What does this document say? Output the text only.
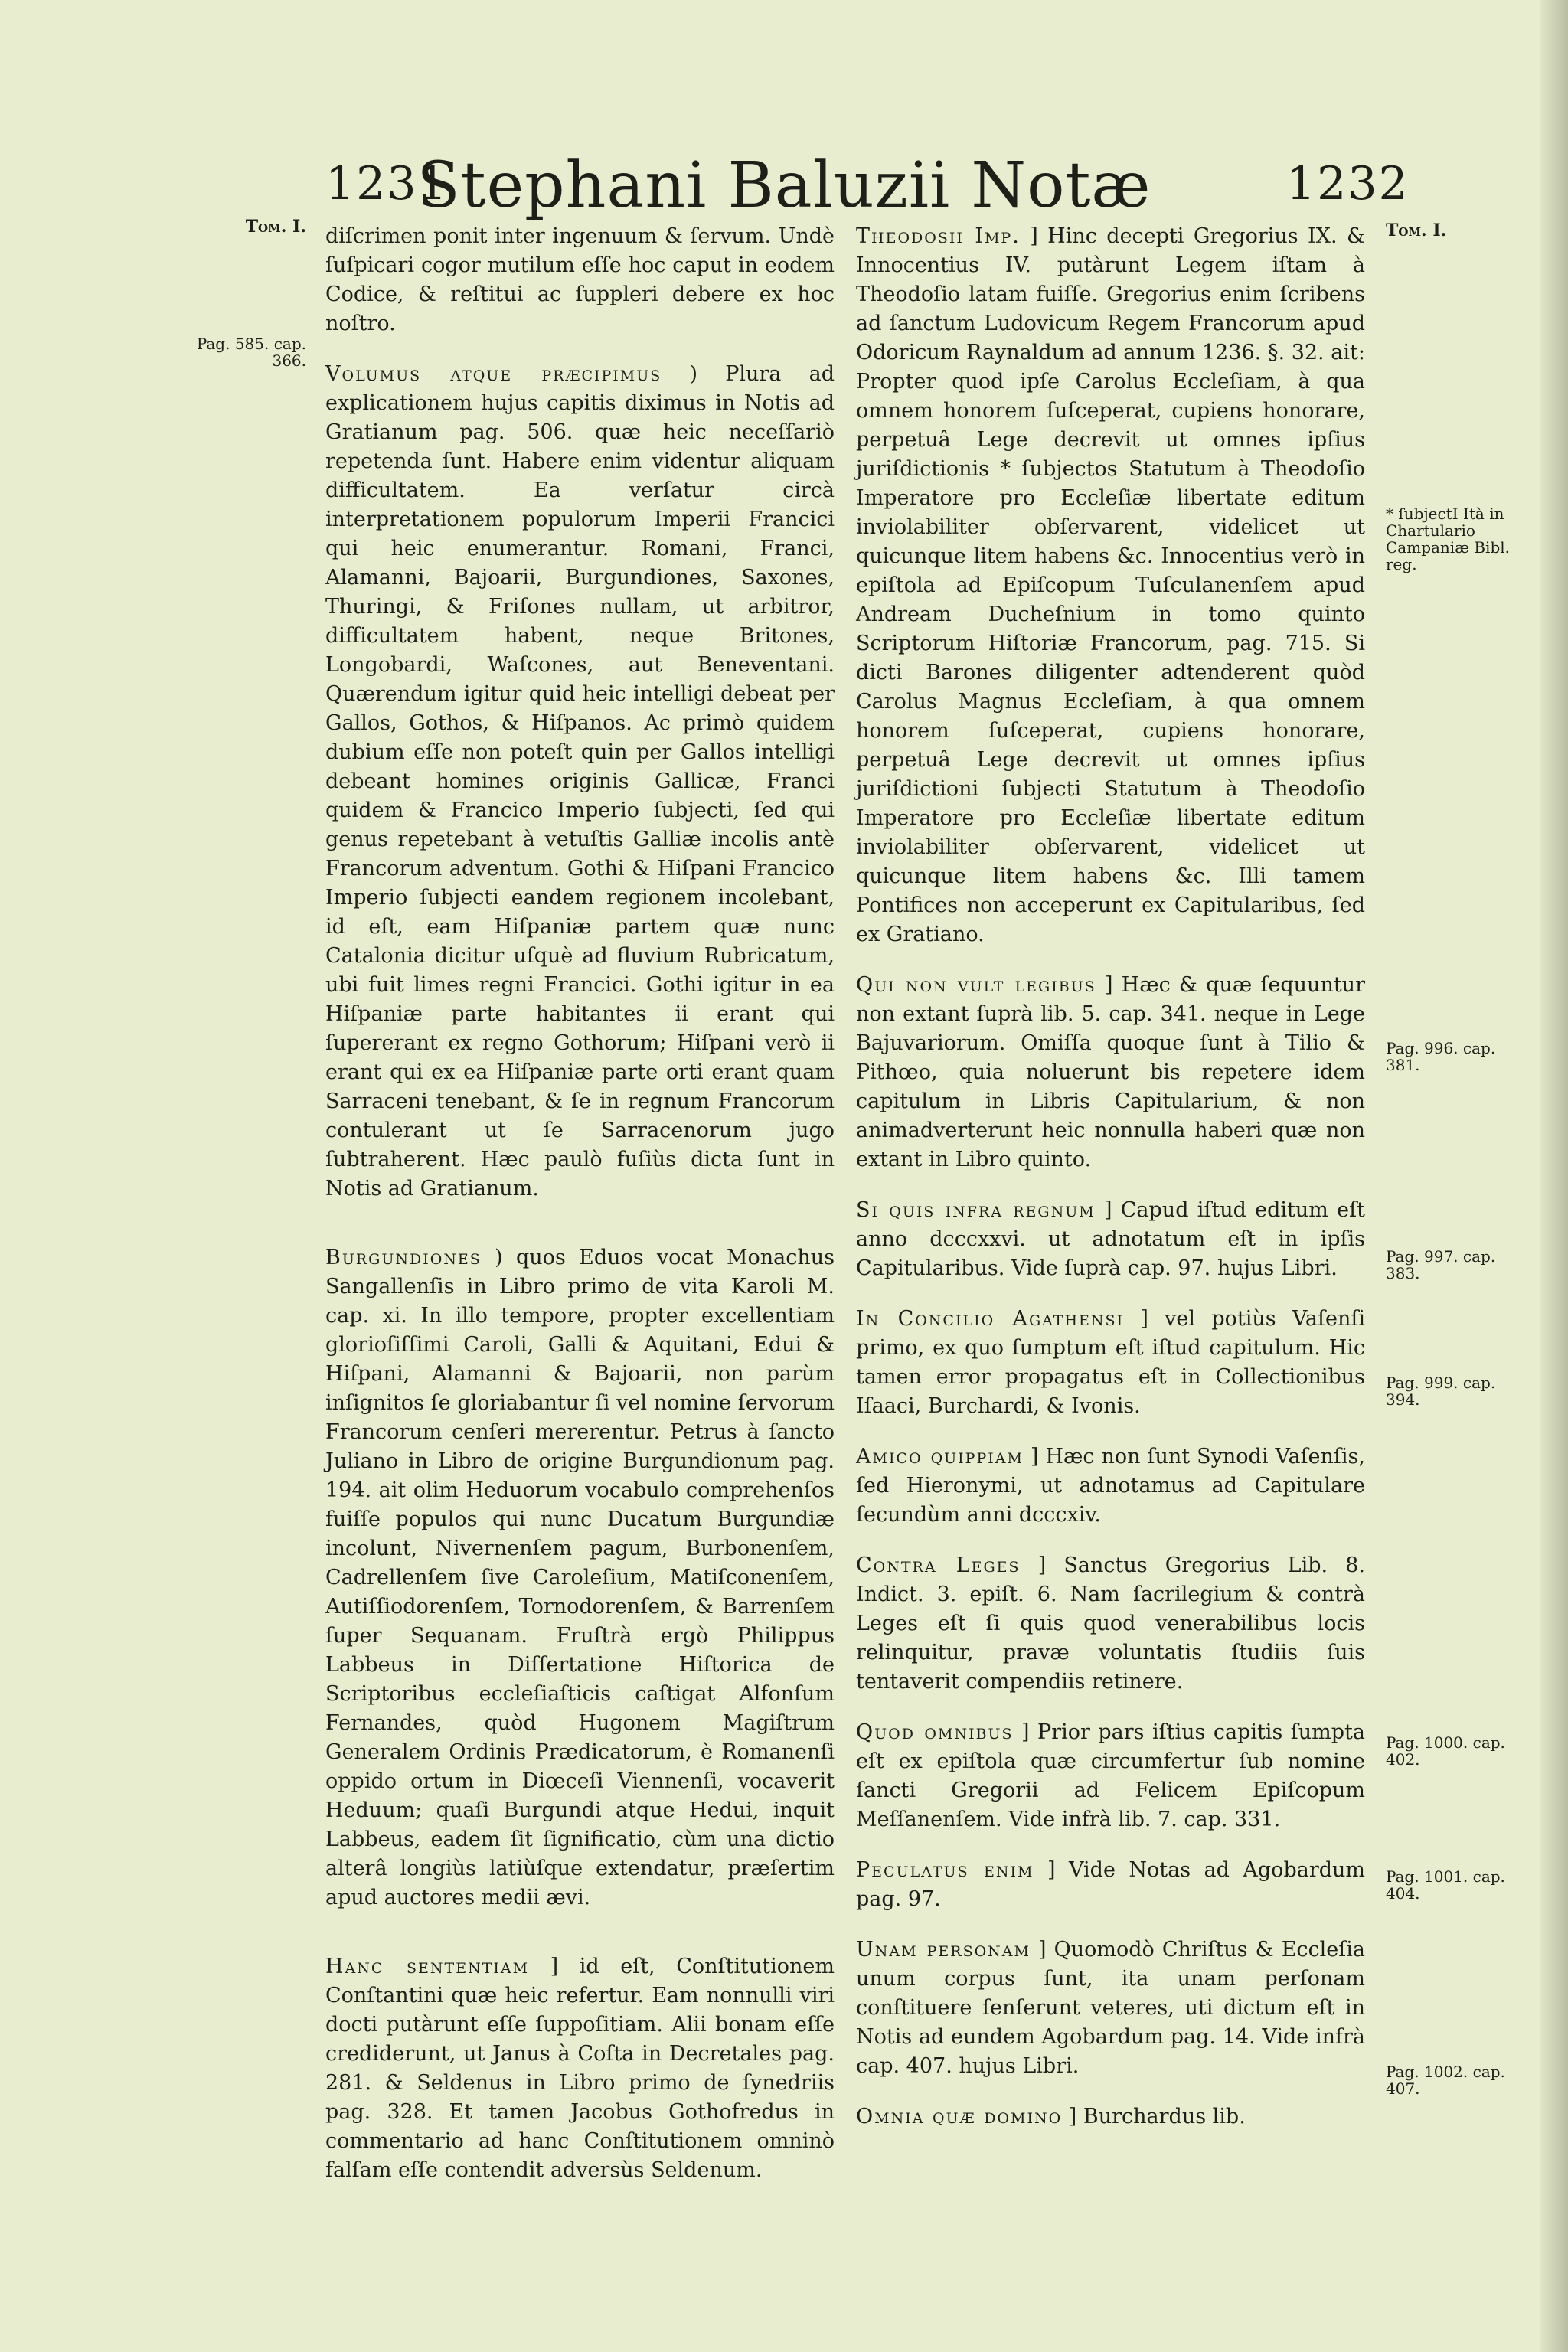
1231
Stephani Baluzii Notæ	1232
Tom. I.
Pag. 585. cap. 366.
Tom. I.
* ſubjectI Ità in Chartulario Campaniæ Bibl. reg.
Pag. 996. cap. 381.
Pag. 997. cap. 383.
Pag. 999. cap. 394.
Pag. 1000. cap. 402.
Pag. 1001. cap. 404.
Pag. 1002. cap. 407.

diſcrimen ponit inter ingenuum & ſervum. Undè ſuſpicari cogor mutilum eſſe hoc caput in eodem Codice, & reſtitui ac ſuppleri debere ex hoc noſtro.

Volumus atque præcipimus ) Plura ad explicationem hujus capitis diximus in Notis ad Gratianum pag. 506. quæ heic neceſſariò repetenda ſunt. Habere enim videntur aliquam difficultatem. Ea verſatur circà interpretationem populorum Imperii Francici qui heic enumerantur. Romani, Franci, Alamanni, Bajoarii, Burgundiones, Saxones, Thuringi, & Friſones nullam, ut arbitror, difficultatem habent, neque Britones, Longobardi, Waſcones, aut Beneventani. Quærendum igitur quid heic intelligi debeat per Gallos, Gothos, & Hiſpanos. Ac primò quidem dubium eſſe non poteſt quin per Gallos intelligi debeant homines originis Gallicæ, Franci quidem & Francico Imperio ſubjecti, ſed qui genus repetebant à vetuſtis Galliæ incolis antè Francorum adventum. Gothi & Hiſpani Francico Imperio ſubjecti eandem regionem incolebant, id eſt, eam Hiſpaniæ partem quæ nunc Catalonia dicitur uſquè ad fluvium Rubricatum, ubi fuit limes regni Francici. Gothi igitur in ea Hiſpaniæ parte habitantes ii erant qui ſupererant ex regno Gothorum; Hiſpani verò ii erant qui ex ea Hiſpaniæ parte orti erant quam Sarraceni tenebant, & ſe in regnum Francorum contulerant ut ſe Sarracenorum jugo ſubtraherent. Hæc paulò fuſiùs dicta ſunt in Notis ad Gratianum.

Burgundiones ) quos Eduos vocat Monachus Sangallenſis in Libro primo de vita Karoli M. cap. xi. In illo tempore, propter excellentiam glorioſiſſimi Caroli, Galli & Aquitani, Edui & Hiſpani, Alamanni & Bajoarii, non parùm inſignitos ſe gloriabantur ſi vel nomine ſervorum Francorum cenſeri mererentur. Petrus à ſancto Juliano in Libro de origine Burgundionum pag. 194. ait olim Heduorum vocabulo comprehenſos fuiſſe populos qui nunc Ducatum Burgundiæ incolunt, Nivernenſem pagum, Burbonenſem, Cadrellenſem ſive Caroleſium, Matiſconenſem, Autiſſiodorenſem, Tornodorenſem, & Barrenſem ſuper Sequanam. Fruſtrà ergò Philippus Labbeus in Diſſertatione Hiſtorica de Scriptoribus eccleſiaſticis caſtigat Alfonſum Fernandes, quòd Hugonem Magiſtrum Generalem Ordinis Prædicatorum, è Romanenſi oppido ortum in Diœceſi Viennenſi, vocaverit Heduum; quaſi Burgundi atque Hedui, inquit Labbeus, eadem ſit ſignificatio, cùm una dictio alterâ longiùs latiùſque extendatur, præſertim apud auctores medii ævi.

Hanc sententiam ] id eſt, Conſtitutionem Conſtantini quæ heic refertur. Eam nonnulli viri docti putàrunt eſſe ſuppoſitiam. Alii bonam eſſe crediderunt, ut Janus à Coſta in Decretales pag. 281. & Seldenus in Libro primo de ſynedriis pag. 328. Et tamen Jacobus Gothofredus in commentario ad hanc Conſtitutionem omninò falſam eſſe contendit adversùs Seldenum.

Theodosii Imp. ] Hinc decepti Gregorius IX. & Innocentius IV. putàrunt Legem iſtam à Theodoſio latam fuiſſe. Gregorius enim ſcribens ad ſanctum Ludovicum Regem Francorum apud Odoricum Raynaldum ad annum 1236. §. 32. ait: Propter quod ipſe Carolus Eccleſiam, à qua omnem honorem ſuſceperat, cupiens honorare, perpetuâ Lege decrevit ut omnes ipſius juriſdictionis * ſubjectos Statutum à Theodoſio Imperatore pro Eccleſiæ libertate editum inviolabiliter obſervarent, videlicet ut quicunque litem habens &c. Innocentius verò in epiſtola ad Epiſcopum Tuſculanenſem apud Andream Ducheſnium in tomo quinto Scriptorum Hiſtoriæ Francorum, pag. 715. Si dicti Barones diligenter adtenderent quòd Carolus Magnus Eccleſiam, à qua omnem honorem ſuſceperat, cupiens honorare, perpetuâ Lege decrevit ut omnes ipſius juriſdictioni ſubjecti Statutum à Theodoſio Imperatore pro Eccleſiæ libertate editum inviolabiliter obſervarent, videlicet ut quicunque litem habens &c. Illi tamem Pontifices non acceperunt ex Capitularibus, ſed ex Gratiano.

Qui non vult legibus ] Hæc & quæ ſequuntur non extant ſuprà lib. 5. cap. 341. neque in Lege Bajuvariorum. Omiſſa quoque ſunt à Tilio & Pithœo, quia noluerunt bis repetere idem capitulum in Libris Capitularium, & non animadverterunt heic nonnulla haberi quæ non extant in Libro quinto.

Si quis infra regnum ] Capud iſtud editum eſt anno dcccxxvi. ut adnotatum eſt in ipſis Capitularibus. Vide ſuprà cap. 97. hujus Libri.

In Concilio Agathensi ] vel potiùs Vaſenſi primo, ex quo ſumptum eſt iſtud capitulum. Hic tamen error propagatus eſt in Collectionibus Iſaaci, Burchardi, & Ivonis.

Amico quippiam ] Hæc non ſunt Synodi Vaſenſis, ſed Hieronymi, ut adnotamus ad Capitulare ſecundùm anni dcccxiv.

Contra Leges ] Sanctus Gregorius Lib. 8. Indict. 3. epiſt. 6. Nam ſacrilegium & contrà Leges eſt ſi quis quod venerabilibus locis relinquitur, pravæ voluntatis ſtudiis ſuis tentaverit compendiis retinere.

Quod omnibus ] Prior pars iſtius capitis ſumpta eſt ex epiſtola quæ circumfertur ſub nomine ſancti Gregorii ad Felicem Epiſcopum Meſſanenſem. Vide infrà lib. 7. cap. 331.

Peculatus enim ] Vide Notas ad Agobardum pag. 97.

Unam personam ] Quomodò Chriſtus & Eccleſia unum corpus ſunt, ita unam perſonam conſtituere ſenſerunt veteres, uti dictum eſt in Notis ad eundem Agobardum pag. 14. Vide infrà cap. 407. hujus Libri.

Omnia quæ domino ] Burchardus lib.
